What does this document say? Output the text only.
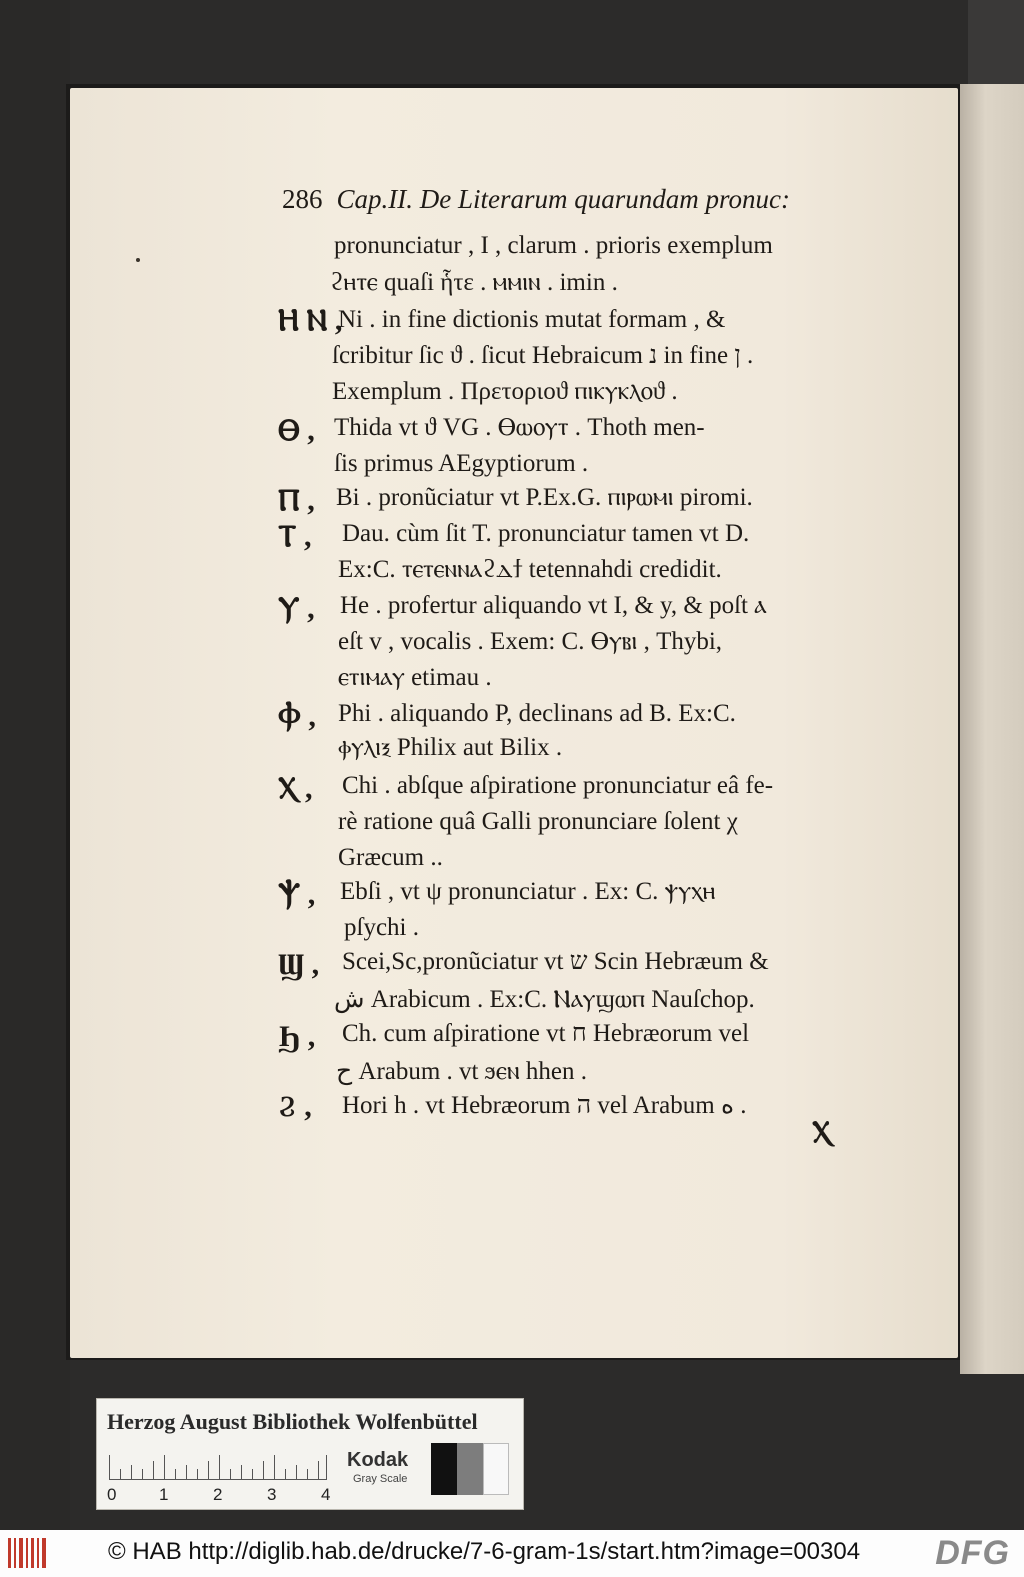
286 Cap.II. De Literarum quarundam pronuc:
pronunciatur , I , clarum . prioris exemplum
ϩⲏⲧⲉ quaſi ἧτε . ⲙⲙⲓⲛ . imin .
Ⲏ Ⲛ ,
Ni . in fine dictionis mutat formam , &
ſcribitur ſic ϑ . ſicut Hebraicum נ in fine ן .
Exemplum . Πρετοριοϑ ⲡⲓⲕⲩⲕⲗⲟϑ .
Ⲑ , Thida vt ϑ VG . Ⲑⲱⲟⲩⲧ . Thoth men-
ſis primus AEgyptiorum .
Ⲡ , Bi . pronũciatur vt P.Ex.G. ⲡⲓⲣⲱⲙⲓ piromi.
Ⲧ , Dau. cùm ſit T. pronunciatur tamen vt D.
Ex:C. ⲧⲉⲧⲉⲛⲛⲁϩⲇϯ tetennahdi credidit.
Ⲩ , He . profertur aliquando vt I, & y, & poſt ⲁ
eſt v , vocalis . Exem: C. Ⲑⲩⲃⲓ , Thybi,
ⲉⲧⲓⲙⲁⲩ etimau .
Ⲫ , Phi . aliquando P, declinans ad B. Ex:C.
ⲫⲩⲗⲓⲝ Philix aut Bilix .
Ⲭ , Chi . abſque aſpiratione pronunciatur eâ fe-
rè ratione quâ Galli pronunciare ſolent χ
Græcum ..
Ⲯ , Ebſi , vt ψ pronunciatur . Ex: C. ⲯⲩⲭⲏ
pſychi .
Ϣ , Scei,Sc,pronũciatur vt ש Scin Hebræum &
ش Arabicum . Ex:C. Ⲛⲁⲩϣⲱⲡ Nauſchop.
Ϧ , Ch. cum aſpiratione vt ח Hebræorum vel
ح Arabum . vt ϧⲉⲛ hhen .
Ϩ , Hori h . vt Hebræorum ה vel Arabum ه .
Ⲭ
Herzog August Bibliothek Wolfenbüttel
0	1	2	3	4
Kodak
Gray Scale
© HAB http://diglib.hab.de/drucke/7-6-gram-1s/start.htm?image=00304 DFG
